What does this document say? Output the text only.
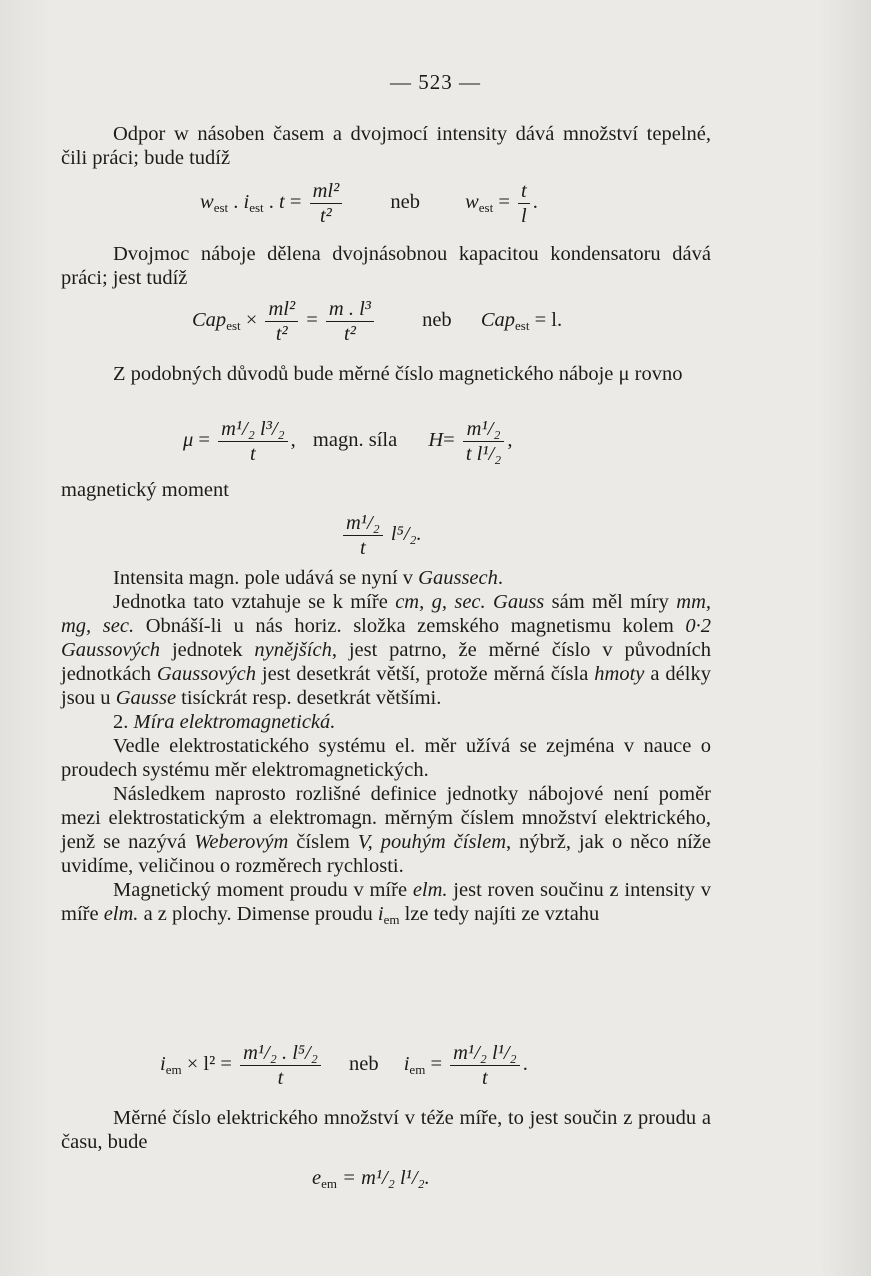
— 523 —

Odpor w násoben časem a dvojmocí intensity dává množství tepelné, čili práci; bude tudíž

$w_{est}$ . $i_{est}$ . $t = \frac{\text{ml²}}{\text{t²}}$ neb $w_{est} = \frac{t}{l}$ .

Dvojmoc náboje dělena dvojnásobnou kapacitou kondensatoru dává práci; jest tudíž

$Cap_{est} \times \frac{\text{ml²}}{\text{t²}} = \frac{\text{m . l³}}{\text{t²}}$ neb Cap$_{est}$ = l.

Z podobných důvodů bude měrné číslo magnetického náboje μ rovno

$\mu = \frac{\text{m¹/₂ l³/₂}}{t}$ , magn. síla $H= \frac{\text{m¹/₂}}{\text{t l¹/₂}}$ ,

magnetický moment

$\frac{\text{m¹/₂}}{t} l^5/_2$.

Intensita magn. pole udává se nyní v Gaussech.

Jednotka tato vztahuje se k míře cm, g, sec. Gauss sám měl míry mm, mg, sec. Obnáší-li u nás horiz. složka zemského magnetismu kolem 0·2 Gaussových jednotek nynějších, jest patrno, že měrné číslo v původních jednotkách Gaussových jest desetkrát větší, protože měrná čísla hmoty a délky jsou u Gausse tisíckrát resp. desetkrát většími.

2. Míra elektromagnetická.

Vedle elektrostatického systému el. měr užívá se zejména v nauce o proudech systému měr elektromagnetických.

Následkem naprosto rozlišné definice jednotky nábojové není poměr mezi elektrostatickým a elektromagn. měrným číslem množství elektrického, jenž se nazývá Weberovým číslem V, pouhým číslem, nýbrž, jak o něco níže uvidíme, veličinou o rozměrech rychlosti.

Magnetický moment proudu v míře elm. jest roven součinu z intensity v míře elm. a z plochy. Dimense proudu $i_{em}$ lze tedy najíti ze vztahu

$i_{em} \times l^2 = \frac{\text{m¹/₂ . l⁵/₂}}{t}$ neb $i_{em} = \frac{\text{m¹/₂ l¹/₂}}{t}$ .

Měrné číslo elektrického množství v téže míře, to jest součin z proudu a času, bude

$e_{em} = m^1/_2$ l¹/₂.
